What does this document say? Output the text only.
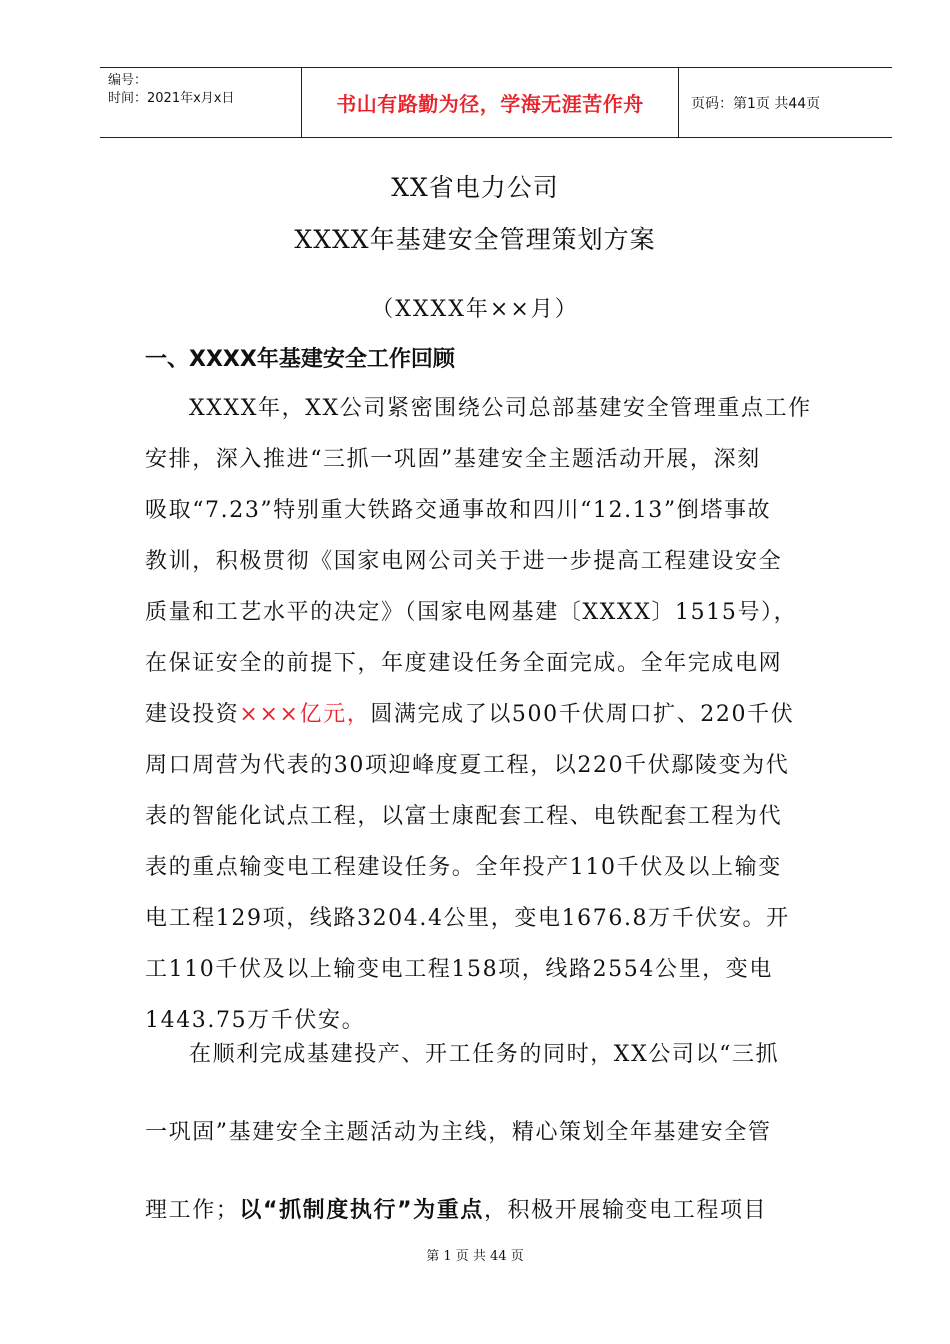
编号：
时间：2021年x月x日	书山有路勤为径，学海无涯苦作舟	页码：第1页 共44页
XX省电力公司
XXXX年基建安全管理策划方案
（XXXX年××月）
一、XXXX年基建安全工作回顾
XXXX年，XX公司紧密围绕公司总部基建安全管理重点工作
安排，深入推进“三抓一巩固”基建安全主题活动开展，深刻
吸取“7.23”特别重大铁路交通事故和四川“12.13”倒塔事故
教训，积极贯彻《国家电网公司关于进一步提高工程建设安全
质量和工艺水平的决定》（国家电网基建〔XXXX〕1515号），
在保证安全的前提下，年度建设任务全面完成。全年完成电网
建设投资 ×××亿元， 圆满完成了以500千伏周口扩、220千伏
周口周营为代表的30项迎峰度夏工程，以220千伏鄢陵变为代
表的智能化试点工程，以富士康配套工程、电铁配套工程为代
表的重点输变电工程建设任务。全年投产110千伏及以上输变
电工程129项，线路3204.4公里，变电1676.8万千伏安。开
工110千伏及以上输变电工程158项，线路2554公里，变电
1443.75万千伏安。
在顺利完成基建投产、开工任务的同时，XX公司以“三抓
一巩固”基建安全主题活动为主线，精心策划全年基建安全管
理工作；以“抓制度执行”为重点，积极开展输变电工程项目
第 1 页 共 44 页
